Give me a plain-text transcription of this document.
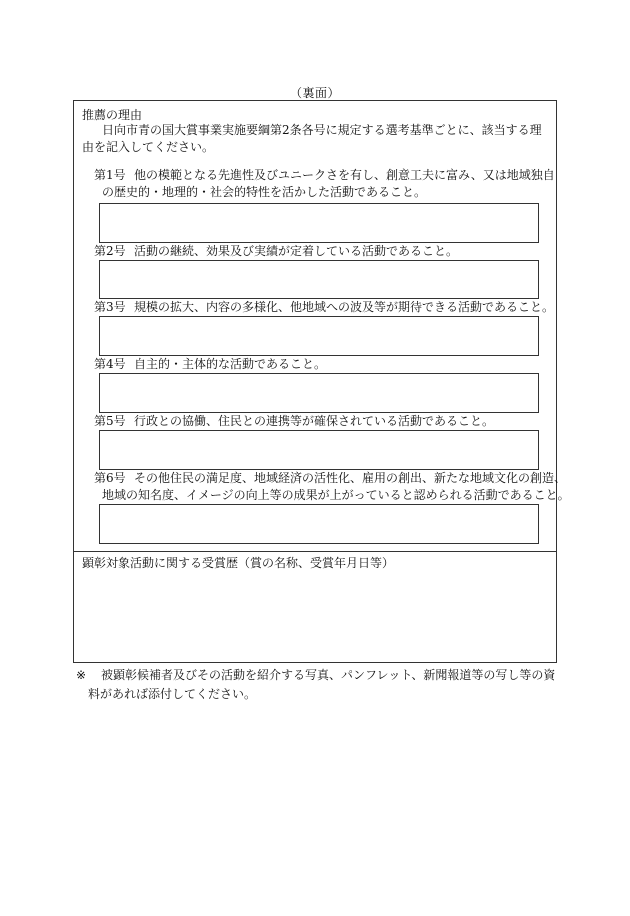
（裏面）
推薦の理由
日向市青の国大賞事業実施要綱第2条各号に規定する選考基準ごとに、該当する理由を記入してください。
第1号 他の模範となる先進性及びユニークさを有し、創意工夫に富み、又は地域独自
の歴史的・地理的・社会的特性を活かした活動であること。
第2号 活動の継続、効果及び実績が定着している活動であること。
第3号 規模の拡大、内容の多様化、他地域への波及等が期待できる活動であること。
第4号 自主的・主体的な活動であること。
第5号 行政との協働、住民との連携等が確保されている活動であること。
第6号 その他住民の満足度、地域経済の活性化、雇用の創出、新たな地域文化の創造、
地域の知名度、イメージの向上等の成果が上がっていると認められる活動であること。
顕彰対象活動に関する受賞歴（賞の名称、受賞年月日等）
※ 被顕彰候補者及びその活動を紹介する写真、パンフレット、新聞報道等の写し等の資
料があれば添付してください。
